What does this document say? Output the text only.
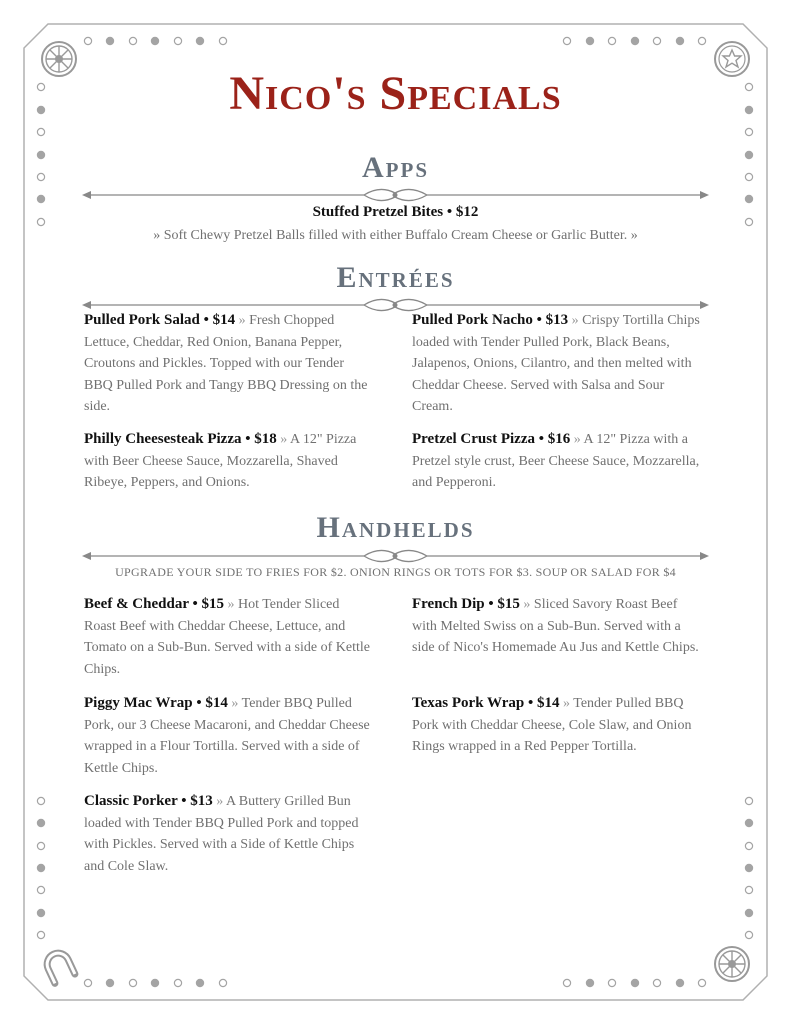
Nico's Specials
Apps
Stuffed Pretzel Bites • $12
» Soft Chewy Pretzel Balls filled with either Buffalo Cream Cheese or Garlic Butter. »
Entrées
Pulled Pork Salad • $14 » Fresh Chopped Lettuce, Cheddar, Red Onion, Banana Pepper, Croutons and Pickles. Topped with our Tender BBQ Pulled Pork and Tangy BBQ Dressing on the side.
Pulled Pork Nacho • $13 » Crispy Tortilla Chips loaded with Tender Pulled Pork, Black Beans, Jalapenos, Onions, Cilantro, and then melted with Cheddar Cheese. Served with Salsa and Sour Cream.
Philly Cheesesteak Pizza • $18 » A 12" Pizza with Beer Cheese Sauce, Mozzarella, Shaved Ribeye, Peppers, and Onions.
Pretzel Crust Pizza • $16 » A 12" Pizza with a Pretzel style crust, Beer Cheese Sauce, Mozzarella, and Pepperoni.
Handhelds
UPGRADE YOUR SIDE TO FRIES FOR $2. ONION RINGS OR TOTS FOR $3. SOUP OR SALAD FOR $4
Beef & Cheddar • $15 » Hot Tender Sliced Roast Beef with Cheddar Cheese, Lettuce, and Tomato on a Sub-Bun. Served with a side of Kettle Chips.
French Dip • $15 » Sliced Savory Roast Beef with Melted Swiss on a Sub-Bun. Served with a side of Nico's Homemade Au Jus and Kettle Chips.
Piggy Mac Wrap • $14 » Tender BBQ Pulled Pork, our 3 Cheese Macaroni, and Cheddar Cheese wrapped in a Flour Tortilla. Served with a side of Kettle Chips.
Texas Pork Wrap • $14 » Tender Pulled BBQ Pork with Cheddar Cheese, Cole Slaw, and Onion Rings wrapped in a Red Pepper Tortilla.
Classic Porker • $13 » A Buttery Grilled Bun loaded with Tender BBQ Pulled Pork and topped with Pickles. Served with a Side of Kettle Chips and Cole Slaw.
